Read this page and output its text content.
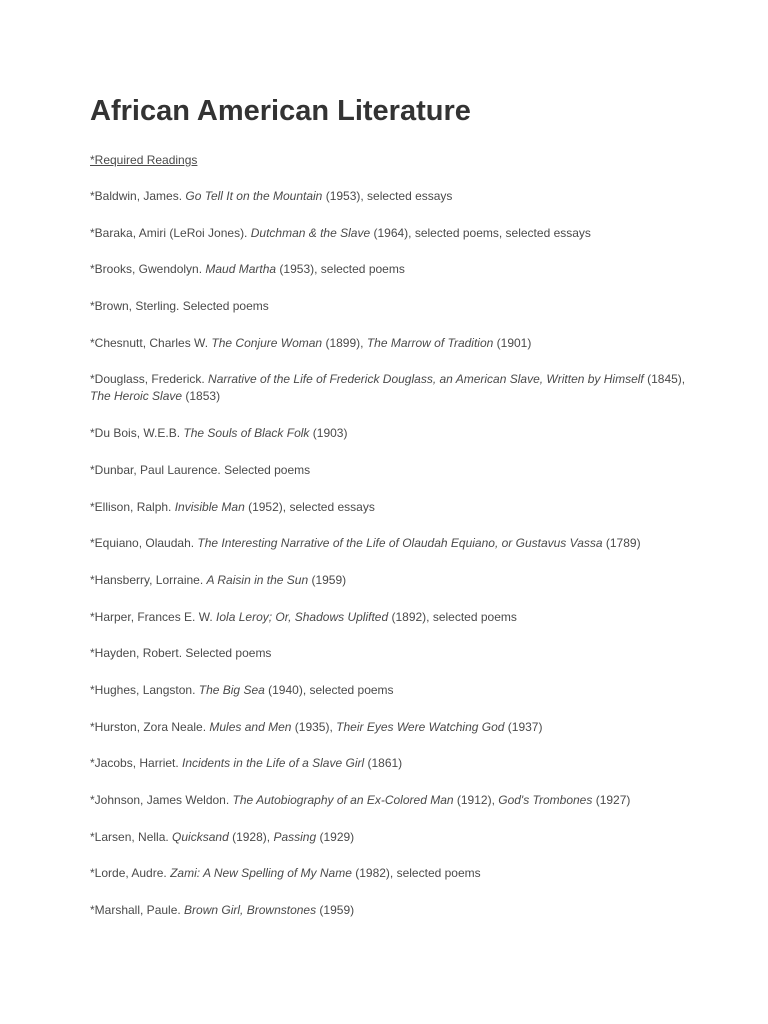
African American Literature
*Required Readings
*Baldwin, James. Go Tell It on the Mountain (1953), selected essays
*Baraka, Amiri (LeRoi Jones). Dutchman & the Slave (1964), selected poems, selected essays
*Brooks, Gwendolyn. Maud Martha (1953), selected poems
*Brown, Sterling. Selected poems
*Chesnutt, Charles W. The Conjure Woman (1899), The Marrow of Tradition (1901)
*Douglass, Frederick. Narrative of the Life of Frederick Douglass, an American Slave, Written by Himself (1845), The Heroic Slave (1853)
*Du Bois, W.E.B. The Souls of Black Folk (1903)
*Dunbar, Paul Laurence. Selected poems
*Ellison, Ralph. Invisible Man (1952), selected essays
*Equiano, Olaudah. The Interesting Narrative of the Life of Olaudah Equiano, or Gustavus Vassa (1789)
*Hansberry, Lorraine. A Raisin in the Sun (1959)
*Harper, Frances E. W. Iola Leroy; Or, Shadows Uplifted (1892), selected poems
*Hayden, Robert. Selected poems
*Hughes, Langston. The Big Sea (1940), selected poems
*Hurston, Zora Neale. Mules and Men (1935), Their Eyes Were Watching God (1937)
*Jacobs, Harriet. Incidents in the Life of a Slave Girl (1861)
*Johnson, James Weldon. The Autobiography of an Ex-Colored Man (1912), God's Trombones (1927)
*Larsen, Nella. Quicksand (1928), Passing (1929)
*Lorde, Audre. Zami: A New Spelling of My Name (1982), selected poems
*Marshall, Paule. Brown Girl, Brownstones (1959)
